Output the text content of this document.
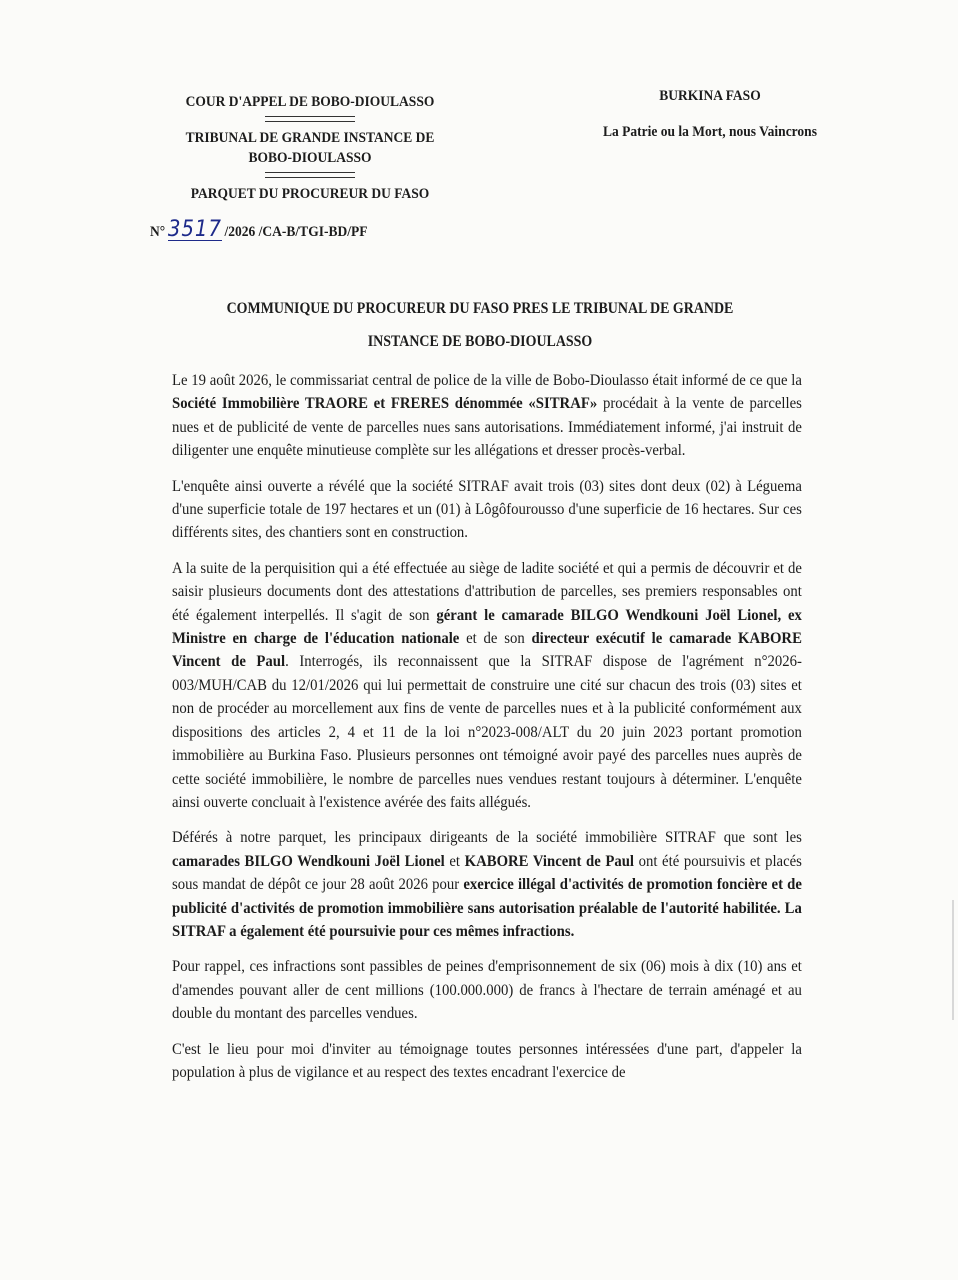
COUR D'APPEL DE BOBO-DIOULASSO
TRIBUNAL DE GRANDE INSTANCE DE
BOBO-DIOULASSO
PARQUET DU PROCUREUR DU FASO
N° 3517 /2026 /CA-B/TGI-BD/PF
BURKINA FASO
La Patrie ou la Mort, nous Vaincrons
COMMUNIQUE DU PROCUREUR DU FASO PRES LE TRIBUNAL DE GRANDE
INSTANCE DE BOBO-DIOULASSO

Le 19 août 2026, le commissariat central de police de la ville de Bobo-Dioulasso était informé de ce que la Société Immobilière TRAORE et FRERES dénommée «SITRAF» procédait à la vente de parcelles nues et de publicité de vente de parcelles nues sans autorisations. Immédiatement informé, j'ai instruit de diligenter une enquête minutieuse complète sur les allégations et dresser procès-verbal.

L'enquête ainsi ouverte a révélé que la société SITRAF avait trois (03) sites dont deux (02) à Léguema d'une superficie totale de 197 hectares et un (01) à Lôgôfourousso d'une superficie de 16 hectares. Sur ces différents sites, des chantiers sont en construction.

A la suite de la perquisition qui a été effectuée au siège de ladite société et qui a permis de découvrir et de saisir plusieurs documents dont des attestations d'attribution de parcelles, ses premiers responsables ont été également interpellés. Il s'agit de son gérant le camarade BILGO Wendkouni Joël Lionel, ex Ministre en charge de l'éducation nationale et de son directeur exécutif le camarade KABORE Vincent de Paul. Interrogés, ils reconnaissent que la SITRAF dispose de l'agrément n°2026-003/MUH/CAB du 12/01/2026 qui lui permettait de construire une cité sur chacun des trois (03) sites et non de procéder au morcellement aux fins de vente de parcelles nues et à la publicité conformément aux dispositions des articles 2, 4 et 11 de la loi n°2023-008/ALT du 20 juin 2023 portant promotion immobilière au Burkina Faso. Plusieurs personnes ont témoigné avoir payé des parcelles nues auprès de cette société immobilière, le nombre de parcelles nues vendues restant toujours à déterminer. L'enquête ainsi ouverte concluait à l'existence avérée des faits allégués.

Déférés à notre parquet, les principaux dirigeants de la société immobilière SITRAF que sont les camarades BILGO Wendkouni Joël Lionel et KABORE Vincent de Paul ont été poursuivis et placés sous mandat de dépôt ce jour 28 août 2026 pour exercice illégal d'activités de promotion foncière et de publicité d'activités de promotion immobilière sans autorisation préalable de l'autorité habilitée. La SITRAF a également été poursuivie pour ces mêmes infractions.

Pour rappel, ces infractions sont passibles de peines d'emprisonnement de six (06) mois à dix (10) ans et d'amendes pouvant aller de cent millions (100.000.000) de francs à l'hectare de terrain aménagé et au double du montant des parcelles vendues.

C'est le lieu pour moi d'inviter au témoignage toutes personnes intéressées d'une part, d'appeler la population à plus de vigilance et au respect des textes encadrant l'exercice de
